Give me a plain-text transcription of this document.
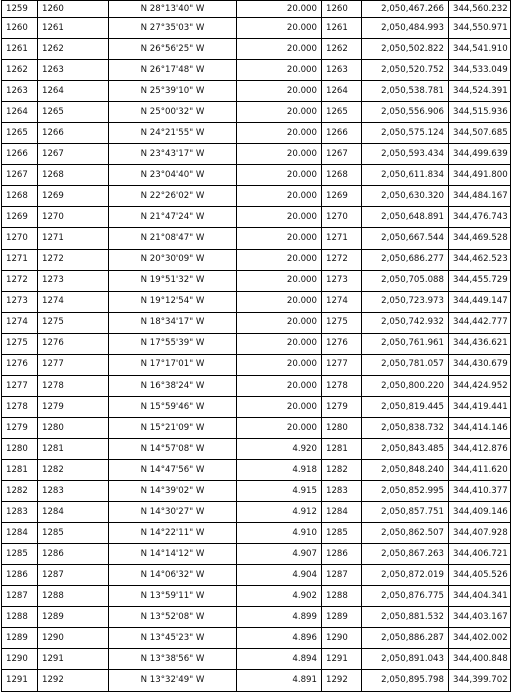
1259	1260	N 28°13'40" W	20.000	1260	2,050,467.266	344,560.232
1260	1261	N 27°35'03" W	20.000	1261	2,050,484.993	344,550.971
1261	1262	N 26°56'25" W	20.000	1262	2,050,502.822	344,541.910
1262	1263	N 26°17'48" W	20.000	1263	2,050,520.752	344,533.049
1263	1264	N 25°39'10" W	20.000	1264	2,050,538.781	344,524.391
1264	1265	N 25°00'32" W	20.000	1265	2,050,556.906	344,515.936
1265	1266	N 24°21'55" W	20.000	1266	2,050,575.124	344,507.685
1266	1267	N 23°43'17" W	20.000	1267	2,050,593.434	344,499.639
1267	1268	N 23°04'40" W	20.000	1268	2,050,611.834	344,491.800
1268	1269	N 22°26'02" W	20.000	1269	2,050,630.320	344,484.167
1269	1270	N 21°47'24" W	20.000	1270	2,050,648.891	344,476.743
1270	1271	N 21°08'47" W	20.000	1271	2,050,667.544	344,469.528
1271	1272	N 20°30'09" W	20.000	1272	2,050,686.277	344,462.523
1272	1273	N 19°51'32" W	20.000	1273	2,050,705.088	344,455.729
1273	1274	N 19°12'54" W	20.000	1274	2,050,723.973	344,449.147
1274	1275	N 18°34'17" W	20.000	1275	2,050,742.932	344,442.777
1275	1276	N 17°55'39" W	20.000	1276	2,050,761.961	344,436.621
1276	1277	N 17°17'01" W	20.000	1277	2,050,781.057	344,430.679
1277	1278	N 16°38'24" W	20.000	1278	2,050,800.220	344,424.952
1278	1279	N 15°59'46" W	20.000	1279	2,050,819.445	344,419.441
1279	1280	N 15°21'09" W	20.000	1280	2,050,838.732	344,414.146
1280	1281	N 14°57'08" W	4.920	1281	2,050,843.485	344,412.876
1281	1282	N 14°47'56" W	4.918	1282	2,050,848.240	344,411.620
1282	1283	N 14°39'02" W	4.915	1283	2,050,852.995	344,410.377
1283	1284	N 14°30'27" W	4.912	1284	2,050,857.751	344,409.146
1284	1285	N 14°22'11" W	4.910	1285	2,050,862.507	344,407.928
1285	1286	N 14°14'12" W	4.907	1286	2,050,867.263	344,406.721
1286	1287	N 14°06'32" W	4.904	1287	2,050,872.019	344,405.526
1287	1288	N 13°59'11" W	4.902	1288	2,050,876.775	344,404.341
1288	1289	N 13°52'08" W	4.899	1289	2,050,881.532	344,403.167
1289	1290	N 13°45'23" W	4.896	1290	2,050,886.287	344,402.002
1290	1291	N 13°38'56" W	4.894	1291	2,050,891.043	344,400.848
1291	1292	N 13°32'49" W	4.891	1292	2,050,895.798	344,399.702
